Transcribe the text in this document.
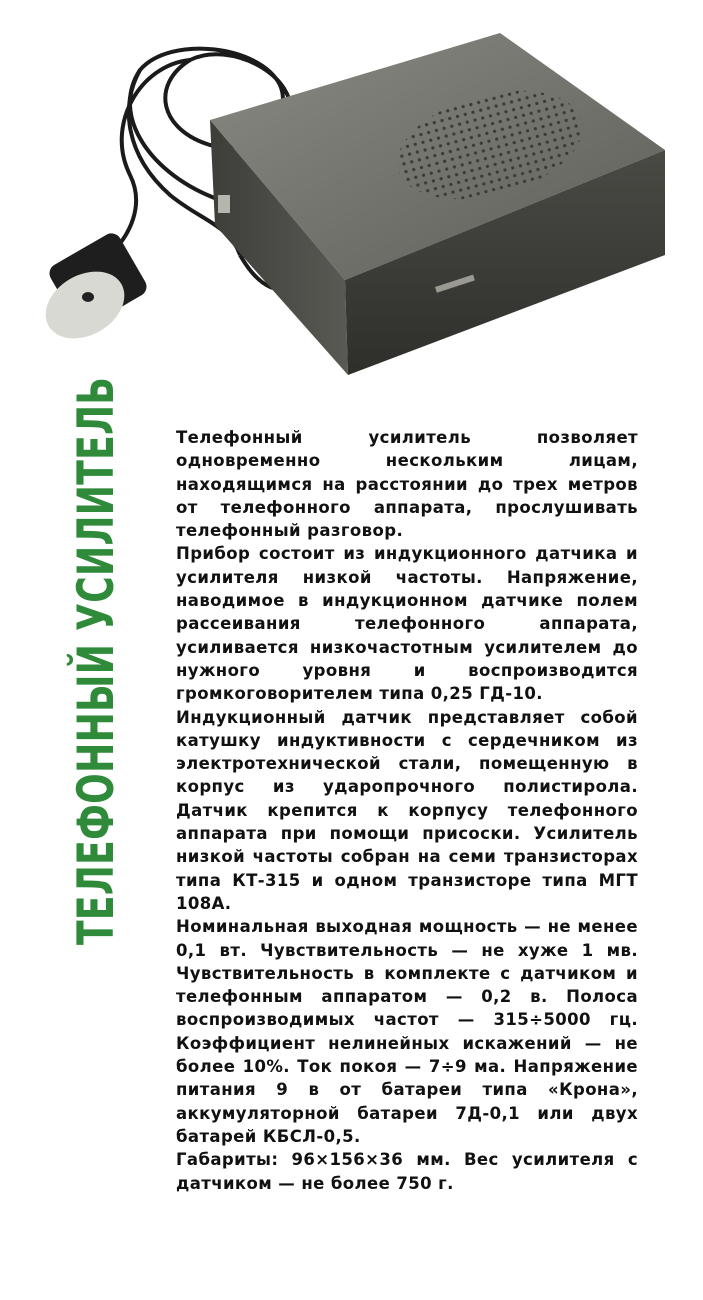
ТЕЛЕФОННЫЙ УСИЛИТЕЛЬ	Телефонный усилитель позволяет одновременно нескольким лицам, находящимся на расстоянии до трех метров от телефонного аппарата, прослушивать телефонный разговор.

Прибор состоит из индукционного датчика и усилителя низкой частоты. Напряжение, наводимое в индукционном датчике полем рассеивания телефонного аппарата, усиливается низкочастотным усилителем до нужного уровня и воспроизводится громкоговорителем типа 0,25 ГД-10.

Индукционный датчик представляет собой катушку индуктивности с сердечником из электротехнической стали, помещенную в корпус из ударопрочного полистирола. Датчик крепится к корпусу телефонного аппарата при помощи присоски. Усилитель низкой частоты собран на семи транзисторах типа КТ-315 и одном транзисторе типа МГТ 108А.

Номинальная выходная мощность — не менее 0,1 вт. Чувствительность — не хуже 1 мв. Чувствительность в комплекте с датчиком и телефонным аппаратом — 0,2 в. Полоса воспроизводимых частот — 315÷5000 гц. Коэффициент нелинейных искажений — не более 10%. Ток покоя — 7÷9 ма. Напряжение питания 9 в от батареи типа «Крона», аккумуляторной батареи 7Д-0,1 или двух батарей КБСЛ-0,5.

Габариты: 96×156×36 мм. Вес усилителя с датчиком — не более 750 г.
